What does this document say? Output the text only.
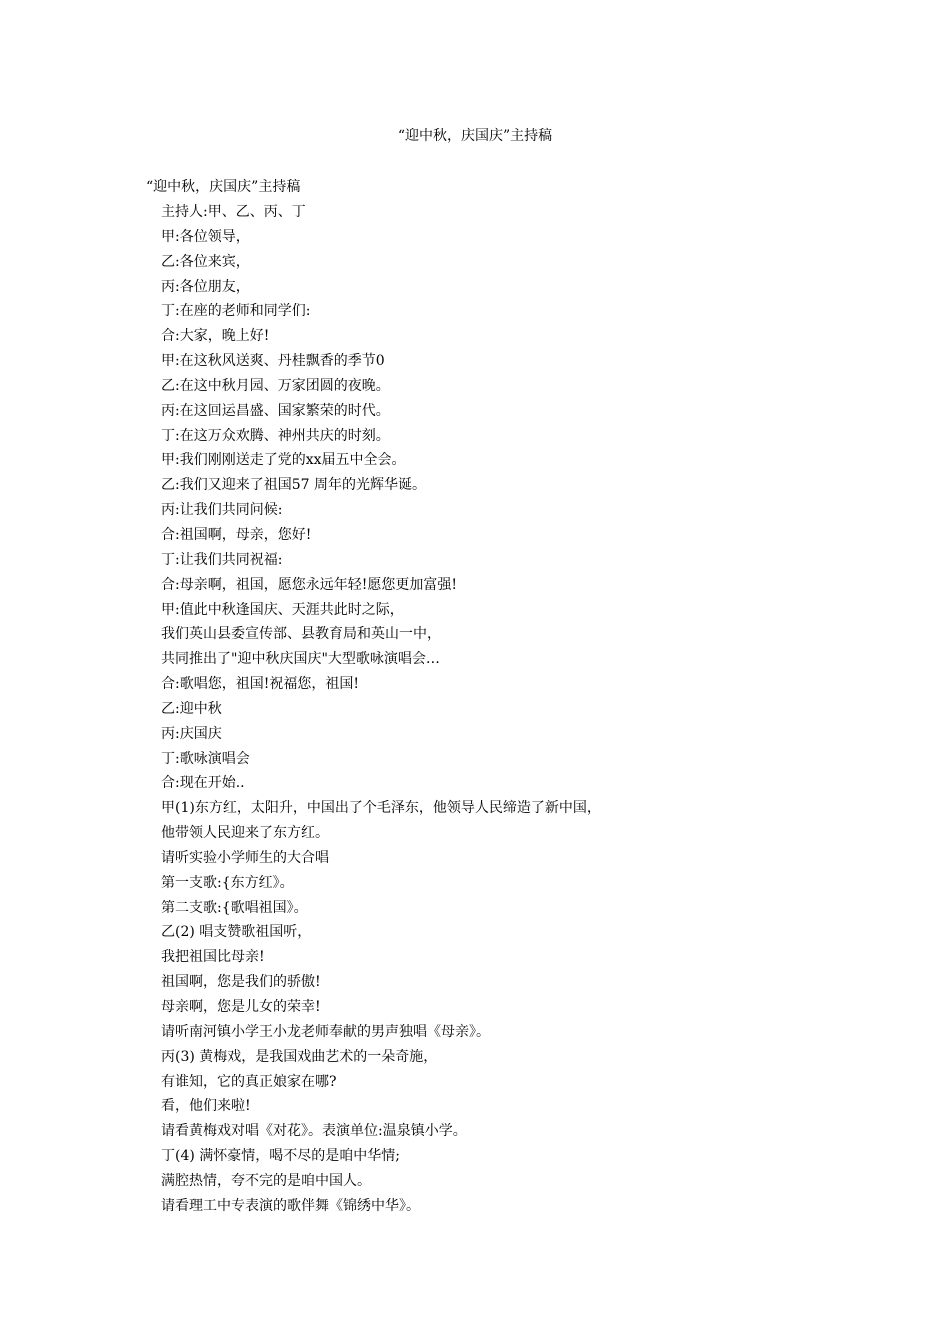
“迎中秋，庆国庆”主持稿
“迎中秋，庆国庆”主持稿
主持人:甲、乙、丙、丁
甲:各位领导，
乙:各位来宾，
丙:各位朋友，
丁:在座的老师和同学们:
合:大家，晚上好!
甲:在这秋风送爽、丹桂飘香的季节0
乙:在这中秋月园、万家团圆的夜晚。
丙:在这回运昌盛、国家繁荣的时代。
丁:在这万众欢腾、神州共庆的时刻。
甲:我们刚刚送走了党的xx届五中全会。
乙:我们又迎来了祖国57 周年的光辉华诞。
丙:让我们共同问候:
合:祖国啊，母亲，您好!
丁:让我们共同祝福:
合:母亲啊，祖国，愿您永远年轻!愿您更加富强!
甲:值此中秋逢国庆、天涯共此时之际，
我们英山县委宣传部、县教育局和英山一中，
共同推出了"迎中秋庆国庆"大型歌咏演唱会…
合:歌唱您，祖国!祝福您，祖国!
乙:迎中秋
丙:庆国庆
丁:歌咏演唱会
合:现在开始..
甲(1)东方红，太阳升，中国出了个毛泽东，他领导人民缔造了新中国，
他带领人民迎来了东方红。
请听实验小学师生的大合唱
第一支歌:{东方红》。
第二支歌:{歌唱祖国》。
乙(2) 唱支赞歌祖国听，
我把祖国比母亲!
祖国啊，您是我们的骄傲!
母亲啊，您是儿女的荣幸!
请听南河镇小学王小龙老师奉献的男声独唱《母亲》。
丙(3) 黄梅戏，是我国戏曲艺术的一朵奇施，
有谁知，它的真正娘家在哪?
看，他们来啦!
请看黄梅戏对唱《对花》。表演单位:温泉镇小学。
丁(4) 满怀豪情，喝不尽的是咱中华情;
满腔热情，夸不完的是咱中国人。
请看理工中专表演的歌伴舞《锦绣中华》。
